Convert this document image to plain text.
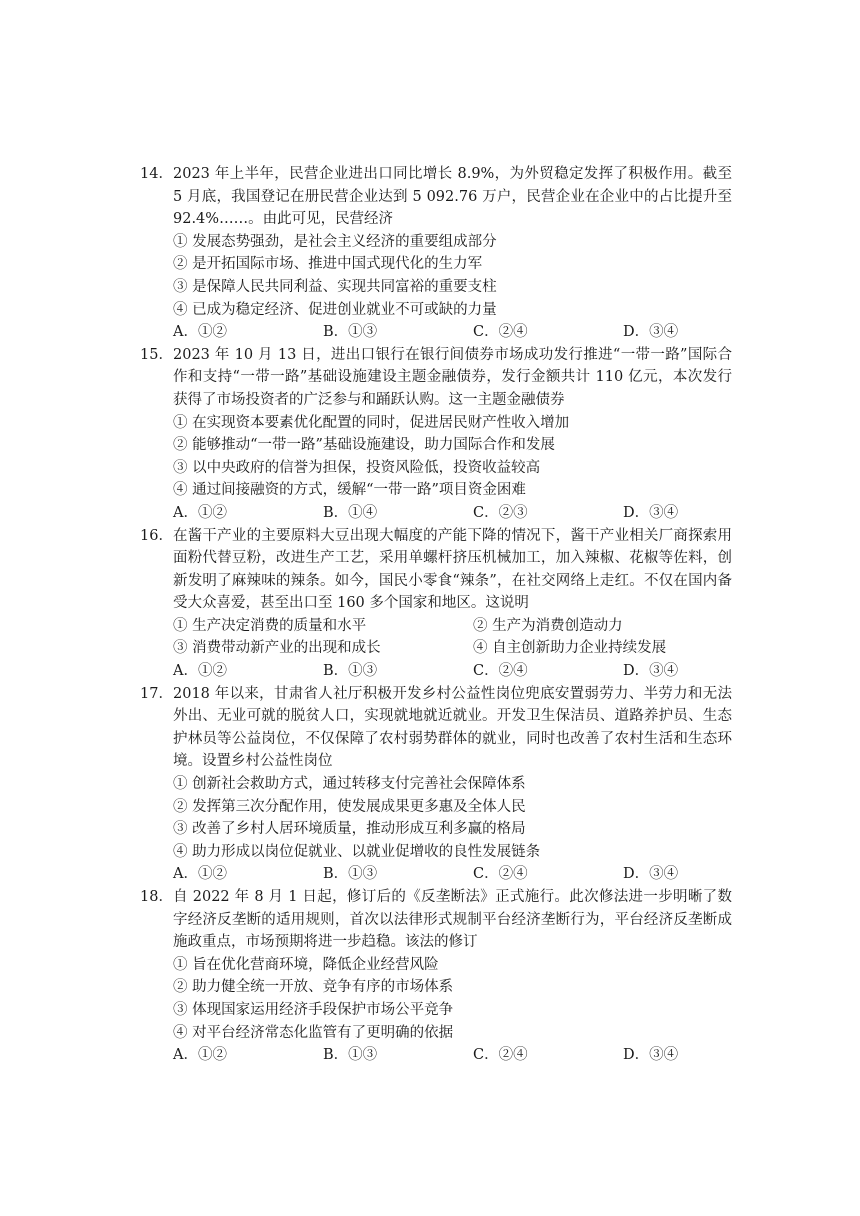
14． 2023 年上半年，民营企业进出口同比增长 8.9%，为外贸稳定发挥了积极作用。截至 5 月底，我国登记在册民营企业达到 5 092.76 万户，民营企业在企业中的占比提升至 92.4%……。由此可见，民营经济
① 发展态势强劲，是社会主义经济的重要组成部分
② 是开拓国际市场、推进中国式现代化的生力军
③ 是保障人民共同利益、实现共同富裕的重要支柱
④ 已成为稳定经济、促进创业就业不可或缺的力量
A．①②	B．①③	C．②④	D．③④
15． 2023 年 10 月 13 日，进出口银行在银行间债券市场成功发行推进“一带一路”国际合作和支持“一带一路”基础设施建设主题金融债券，发行金额共计 110 亿元，本次发行获得了市场投资者的广泛参与和踊跃认购。这一主题金融债券
① 在实现资本要素优化配置的同时，促进居民财产性收入增加
② 能够推动“一带一路”基础设施建设，助力国际合作和发展
③ 以中央政府的信誉为担保，投资风险低，投资收益较高
④ 通过间接融资的方式，缓解“一带一路”项目资金困难
A．①②	B．①④	C．②③	D．③④
16． 在酱干产业的主要原料大豆出现大幅度的产能下降的情况下，酱干产业相关厂商探索用面粉代替豆粉，改进生产工艺，采用单螺杆挤压机械加工，加入辣椒、花椒等佐料，创新发明了麻辣味的辣条。如今，国民小零食“辣条”，在社交网络上走红。不仅在国内备受大众喜爱，甚至出口至 160 多个国家和地区。这说明
① 生产决定消费的质量和水平	② 生产为消费创造动力
③ 消费带动新产业的出现和成长	④ 自主创新助力企业持续发展
A．①②	B．①③	C．②④	D．③④
17． 2018 年以来，甘肃省人社厅积极开发乡村公益性岗位兜底安置弱劳力、半劳力和无法外出、无业可就的脱贫人口，实现就地就近就业。开发卫生保洁员、道路养护员、生态护林员等公益岗位，不仅保障了农村弱势群体的就业，同时也改善了农村生活和生态环境。设置乡村公益性岗位
① 创新社会救助方式，通过转移支付完善社会保障体系
② 发挥第三次分配作用，使发展成果更多惠及全体人民
③ 改善了乡村人居环境质量，推动形成互利多赢的格局
④ 助力形成以岗位促就业、以就业促增收的良性发展链条
A．①②	B．①③	C．②④	D．③④
18． 自 2022 年 8 月 1 日起，修订后的《反垄断法》正式施行。此次修法进一步明晰了数字经济反垄断的适用规则，首次以法律形式规制平台经济垄断行为，平台经济反垄断成施政重点，市场预期将进一步趋稳。该法的修订
① 旨在优化营商环境，降低企业经营风险
② 助力健全统一开放、竞争有序的市场体系
③ 体现国家运用经济手段保护市场公平竞争
④ 对平台经济常态化监管有了更明确的依据
A．①②	B．①③	C．②④	D．③④
